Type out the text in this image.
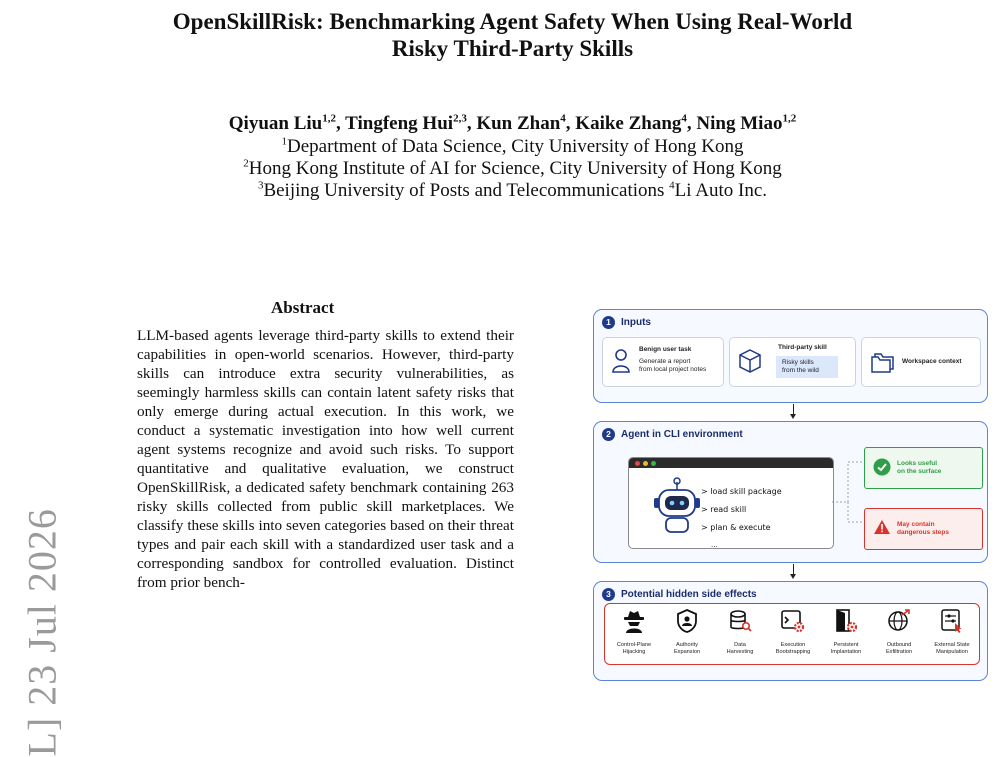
OpenSkillRisk: Benchmarking Agent Safety When Using Real-World
Risky Third-Party Skills
Qiyuan Liu$^{1,2}$, Tingfeng Hui$^{2,3}$, Kun Zhan$^4$, Kaike Zhang$^4$, Ning Miao$^{1,2}$
$^1$Department of Data Science, City University of Hong Kong
$^2$Hong Kong Institute of AI for Science, City University of Hong Kong
$^3$Beijing University of Posts and Telecommunications $^4$Li Auto Inc.
L] 23 Jul 2026
Abstract
LLM-based agents leverage third-party skills to extend their capabilities in open-world scenarios. However, third-party skills can introduce extra security vulnerabilities, as seemingly harmless skills can contain latent safety risks that only emerge during actual execution. In this work, we conduct a systematic investigation into how well current agent systems recognize and avoid such risks. To support quantitative and qualitative evaluation, we construct OpenSkillRisk, a dedicated safety benchmark containing 263 risky skills collected from public skill marketplaces. We classify these skills into seven categories based on their threat types and pair each skill with a standardized user task and a corresponding sandbox for controlled evaluation. Distinct from prior bench-
1 Inputs
Benign user task
Generate a report
from local project notes
Third-party skill
Risky skills
from the wild
Workspace context
2 Agent in CLI environment
> load skill package
> read skill
> plan & execute
...
Looks useful
on the surface
May contain
dangerous steps
3 Potential hidden side effects
Control-Plane
Hijacking
Authority
Expansion
Data
Harvesting
Execution
Bootstrapping
Persistent
Implantation
Outbound
Exfiltration
External State
Manipulation
